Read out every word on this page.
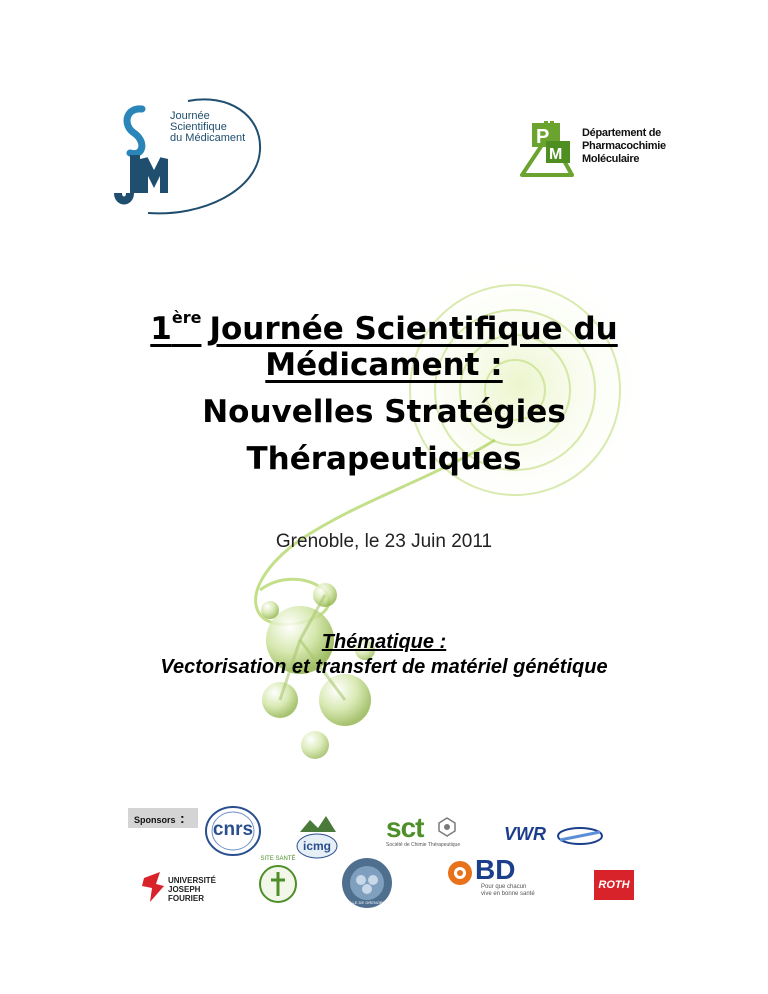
Journée
Scientifique
du Médicament	P
M
Département de
Pharmacochimie
Moléculaire
1ère Journée Scientifique du
Médicament :
Nouvelles Stratégies
Thérapeutiques
Grenoble, le 23 Juin 2011
Thématique :
Vectorisation et transfert de matériel génétique
Sponsors :
cnrs
icmg
sct
Société de Chimie Thérapeutique
VWR
UNIVERSITÉ
JOSEPH FOURIER
SITE SANTÉ
VILLE DE GRENOBLE
BD
Pour que chacun
vive en bonne santé
ROTH
